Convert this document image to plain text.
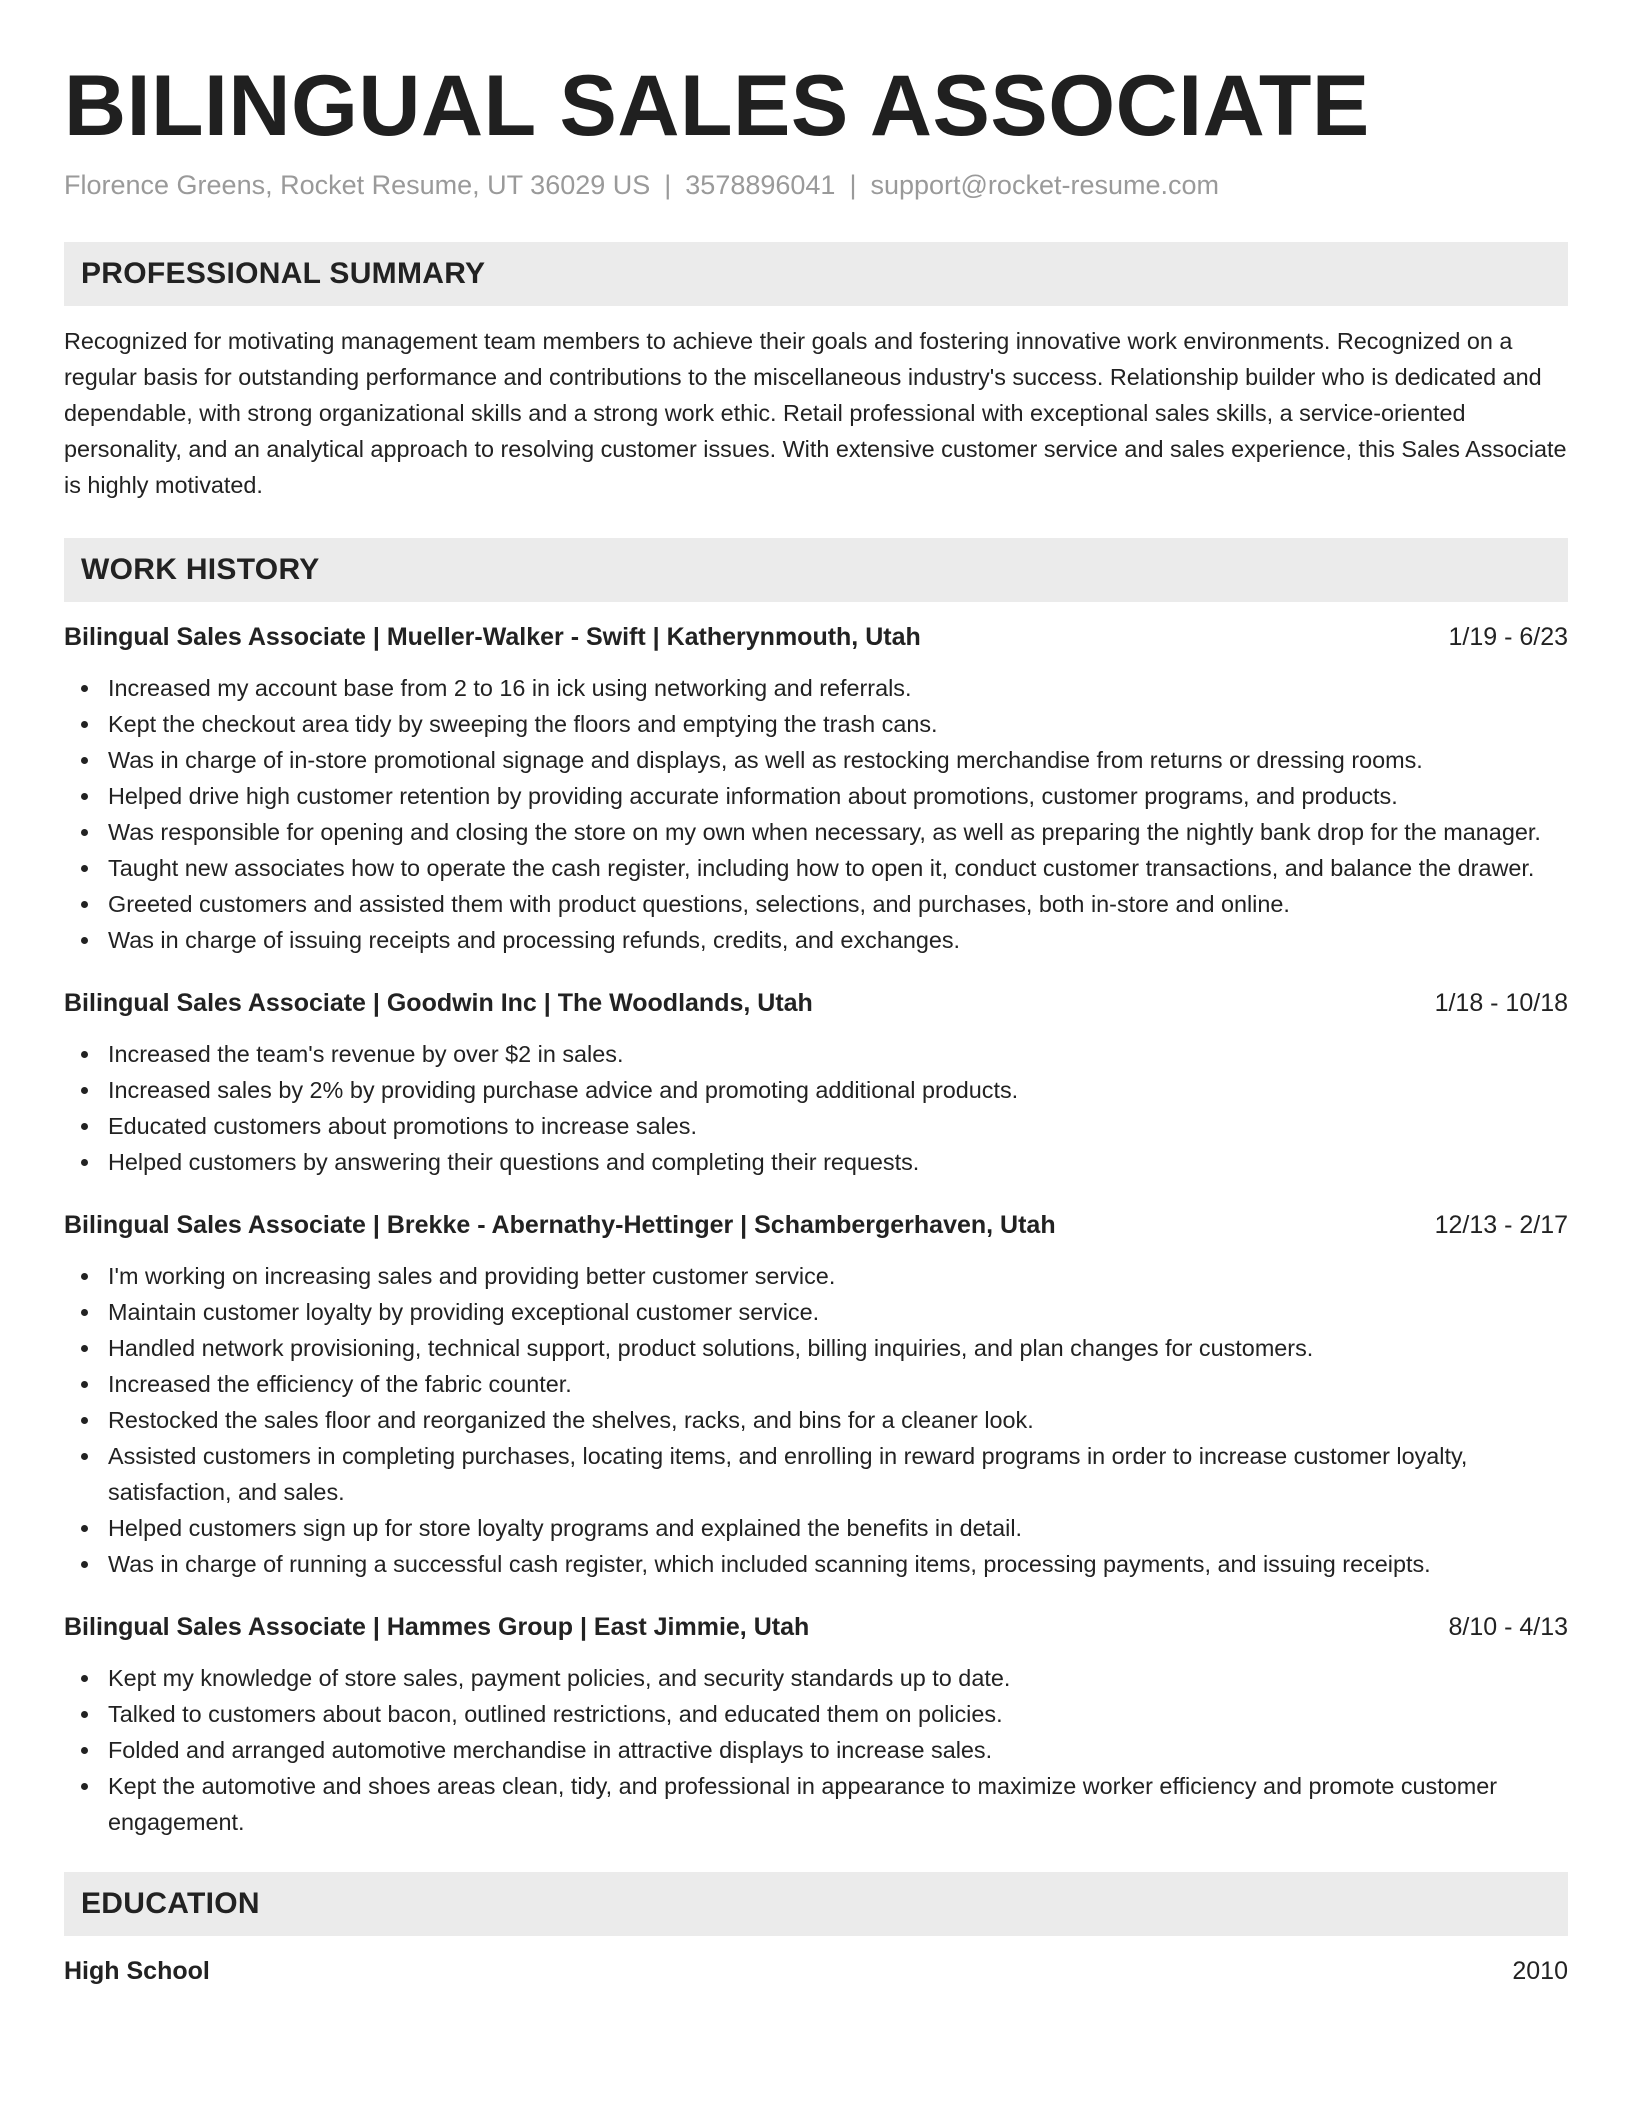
BILINGUAL SALES ASSOCIATE
Florence Greens, Rocket Resume, UT 36029 US | 3578896041 | support@rocket-resume.com
PROFESSIONAL SUMMARY
Recognized for motivating management team members to achieve their goals and fostering innovative work environments. Recognized on a regular basis for outstanding performance and contributions to the miscellaneous industry's success. Relationship builder who is dedicated and dependable, with strong organizational skills and a strong work ethic. Retail professional with exceptional sales skills, a service-oriented personality, and an analytical approach to resolving customer issues. With extensive customer service and sales experience, this Sales Associate is highly motivated.
WORK HISTORY
Bilingual Sales Associate | Mueller-Walker - Swift | Katherynmouth, Utah	1/19 - 6/23
Increased my account base from 2 to 16 in ick using networking and referrals.
Kept the checkout area tidy by sweeping the floors and emptying the trash cans.
Was in charge of in-store promotional signage and displays, as well as restocking merchandise from returns or dressing rooms.
Helped drive high customer retention by providing accurate information about promotions, customer programs, and products.
Was responsible for opening and closing the store on my own when necessary, as well as preparing the nightly bank drop for the manager.
Taught new associates how to operate the cash register, including how to open it, conduct customer transactions, and balance the drawer.
Greeted customers and assisted them with product questions, selections, and purchases, both in-store and online.
Was in charge of issuing receipts and processing refunds, credits, and exchanges.
Bilingual Sales Associate | Goodwin Inc | The Woodlands, Utah	1/18 - 10/18
Increased the team's revenue by over $2 in sales.
Increased sales by 2% by providing purchase advice and promoting additional products.
Educated customers about promotions to increase sales.
Helped customers by answering their questions and completing their requests.
Bilingual Sales Associate | Brekke - Abernathy-Hettinger | Schambergerhaven, Utah	12/13 - 2/17
I'm working on increasing sales and providing better customer service.
Maintain customer loyalty by providing exceptional customer service.
Handled network provisioning, technical support, product solutions, billing inquiries, and plan changes for customers.
Increased the efficiency of the fabric counter.
Restocked the sales floor and reorganized the shelves, racks, and bins for a cleaner look.
Assisted customers in completing purchases, locating items, and enrolling in reward programs in order to increase customer loyalty, satisfaction, and sales.
Helped customers sign up for store loyalty programs and explained the benefits in detail.
Was in charge of running a successful cash register, which included scanning items, processing payments, and issuing receipts.
Bilingual Sales Associate | Hammes Group | East Jimmie, Utah	8/10 - 4/13
Kept my knowledge of store sales, payment policies, and security standards up to date.
Talked to customers about bacon, outlined restrictions, and educated them on policies.
Folded and arranged automotive merchandise in attractive displays to increase sales.
Kept the automotive and shoes areas clean, tidy, and professional in appearance to maximize worker efficiency and promote customer engagement.
EDUCATION
High School	2010
